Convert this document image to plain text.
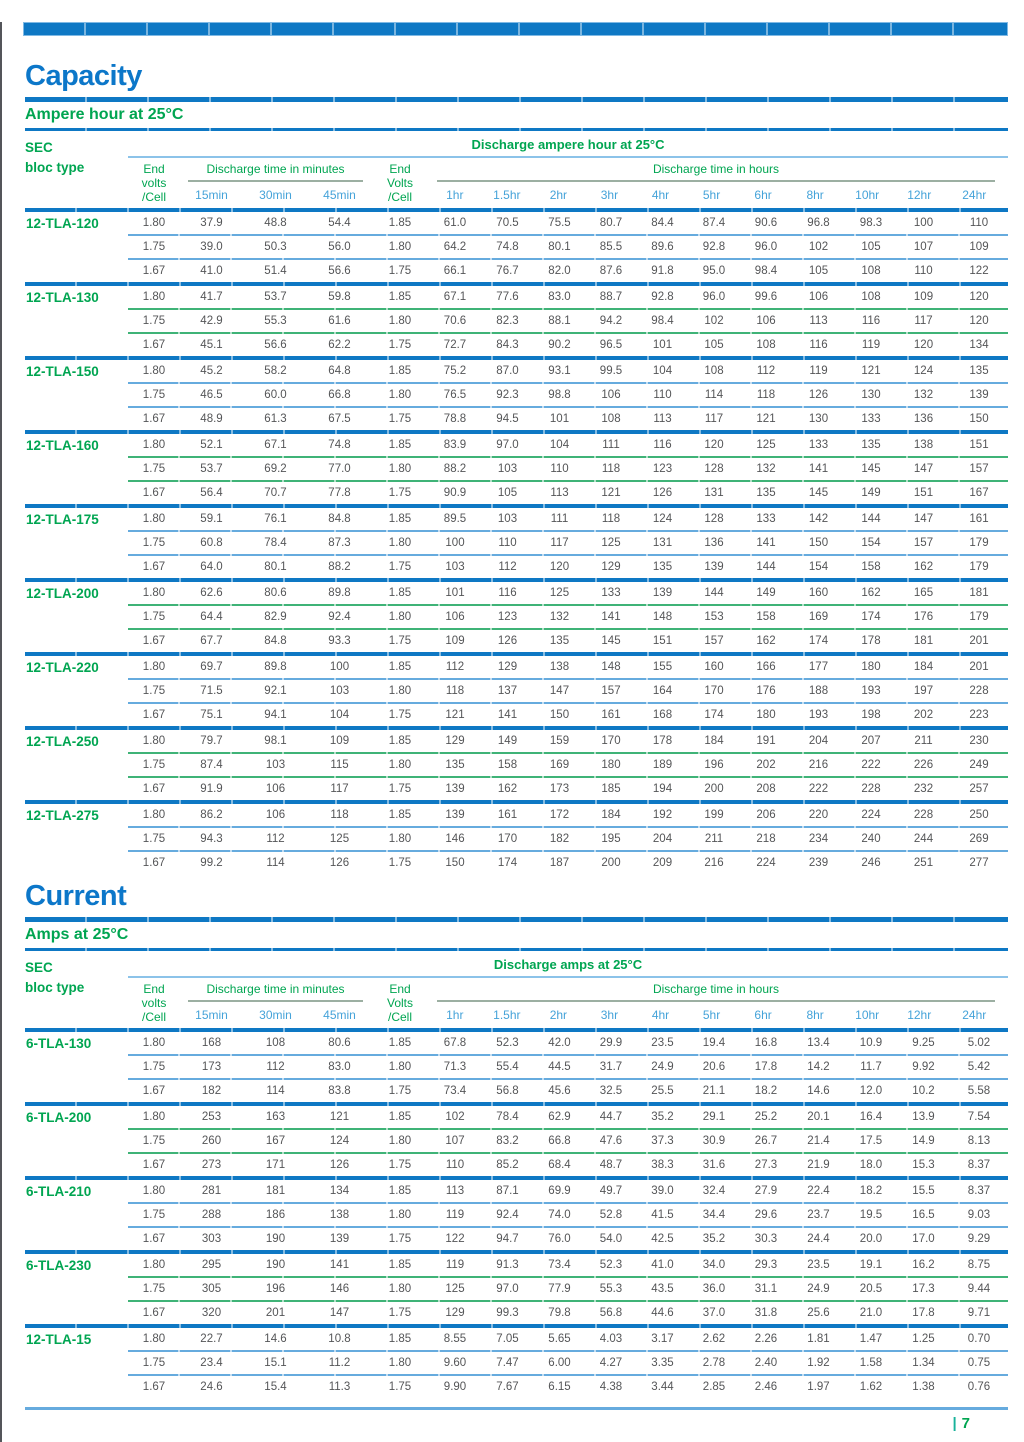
Capacity
Ampere hour at 25°C
SEC
bloc type
Discharge ampere hour at 25°C
End
volts
/Cell
Discharge time in minutes
15min	30min	45min
End
Volts
/Cell
Discharge time in hours
1hr	1.5hr	2hr	3hr	4hr	5hr	6hr	8hr	10hr	12hr	24hr
12-TLA-120	1.80	37.9	48.8	54.4	1.85	61.0	70.5	75.5	80.7	84.4	87.4	90.6	96.8	98.3	100	110
1.75	39.0	50.3	56.0	1.80	64.2	74.8	80.1	85.5	89.6	92.8	96.0	102	105	107	109
1.67	41.0	51.4	56.6	1.75	66.1	76.7	82.0	87.6	91.8	95.0	98.4	105	108	110	122
12-TLA-130	1.80	41.7	53.7	59.8	1.85	67.1	77.6	83.0	88.7	92.8	96.0	99.6	106	108	109	120
1.75	42.9	55.3	61.6	1.80	70.6	82.3	88.1	94.2	98.4	102	106	113	116	117	120
1.67	45.1	56.6	62.2	1.75	72.7	84.3	90.2	96.5	101	105	108	116	119	120	134
12-TLA-150	1.80	45.2	58.2	64.8	1.85	75.2	87.0	93.1	99.5	104	108	112	119	121	124	135
1.75	46.5	60.0	66.8	1.80	76.5	92.3	98.8	106	110	114	118	126	130	132	139
1.67	48.9	61.3	67.5	1.75	78.8	94.5	101	108	113	117	121	130	133	136	150
12-TLA-160	1.80	52.1	67.1	74.8	1.85	83.9	97.0	104	111	116	120	125	133	135	138	151
1.75	53.7	69.2	77.0	1.80	88.2	103	110	118	123	128	132	141	145	147	157
1.67	56.4	70.7	77.8	1.75	90.9	105	113	121	126	131	135	145	149	151	167
12-TLA-175	1.80	59.1	76.1	84.8	1.85	89.5	103	111	118	124	128	133	142	144	147	161
1.75	60.8	78.4	87.3	1.80	100	110	117	125	131	136	141	150	154	157	179
1.67	64.0	80.1	88.2	1.75	103	112	120	129	135	139	144	154	158	162	179
12-TLA-200	1.80	62.6	80.6	89.8	1.85	101	116	125	133	139	144	149	160	162	165	181
1.75	64.4	82.9	92.4	1.80	106	123	132	141	148	153	158	169	174	176	179
1.67	67.7	84.8	93.3	1.75	109	126	135	145	151	157	162	174	178	181	201
12-TLA-220	1.80	69.7	89.8	100	1.85	112	129	138	148	155	160	166	177	180	184	201
1.75	71.5	92.1	103	1.80	118	137	147	157	164	170	176	188	193	197	228
1.67	75.1	94.1	104	1.75	121	141	150	161	168	174	180	193	198	202	223
12-TLA-250	1.80	79.7	98.1	109	1.85	129	149	159	170	178	184	191	204	207	211	230
1.75	87.4	103	115	1.80	135	158	169	180	189	196	202	216	222	226	249
1.67	91.9	106	117	1.75	139	162	173	185	194	200	208	222	228	232	257
12-TLA-275	1.80	86.2	106	118	1.85	139	161	172	184	192	199	206	220	224	228	250
1.75	94.3	112	125	1.80	146	170	182	195	204	211	218	234	240	244	269
1.67	99.2	114	126	1.75	150	174	187	200	209	216	224	239	246	251	277
Current
Amps at 25°C
SEC
bloc type
Discharge amps at 25°C
End
volts
/Cell
Discharge time in minutes
15min	30min	45min
End
Volts
/Cell
Discharge time in hours
1hr	1.5hr	2hr	3hr	4hr	5hr	6hr	8hr	10hr	12hr	24hr
6-TLA-130	1.80	168	108	80.6	1.85	67.8	52.3	42.0	29.9	23.5	19.4	16.8	13.4	10.9	9.25	5.02
1.75	173	112	83.0	1.80	71.3	55.4	44.5	31.7	24.9	20.6	17.8	14.2	11.7	9.92	5.42
1.67	182	114	83.8	1.75	73.4	56.8	45.6	32.5	25.5	21.1	18.2	14.6	12.0	10.2	5.58
6-TLA-200	1.80	253	163	121	1.85	102	78.4	62.9	44.7	35.2	29.1	25.2	20.1	16.4	13.9	7.54
1.75	260	167	124	1.80	107	83.2	66.8	47.6	37.3	30.9	26.7	21.4	17.5	14.9	8.13
1.67	273	171	126	1.75	110	85.2	68.4	48.7	38.3	31.6	27.3	21.9	18.0	15.3	8.37
6-TLA-210	1.80	281	181	134	1.85	113	87.1	69.9	49.7	39.0	32.4	27.9	22.4	18.2	15.5	8.37
1.75	288	186	138	1.80	119	92.4	74.0	52.8	41.5	34.4	29.6	23.7	19.5	16.5	9.03
1.67	303	190	139	1.75	122	94.7	76.0	54.0	42.5	35.2	30.3	24.4	20.0	17.0	9.29
6-TLA-230	1.80	295	190	141	1.85	119	91.3	73.4	52.3	41.0	34.0	29.3	23.5	19.1	16.2	8.75
1.75	305	196	146	1.80	125	97.0	77.9	55.3	43.5	36.0	31.1	24.9	20.5	17.3	9.44
1.67	320	201	147	1.75	129	99.3	79.8	56.8	44.6	37.0	31.8	25.6	21.0	17.8	9.71
12-TLA-15	1.80	22.7	14.6	10.8	1.85	8.55	7.05	5.65	4.03	3.17	2.62	2.26	1.81	1.47	1.25	0.70
1.75	23.4	15.1	11.2	1.80	9.60	7.47	6.00	4.27	3.35	2.78	2.40	1.92	1.58	1.34	0.75
1.67	24.6	15.4	11.3	1.75	9.90	7.67	6.15	4.38	3.44	2.85	2.46	1.97	1.62	1.38	0.76
| 7
